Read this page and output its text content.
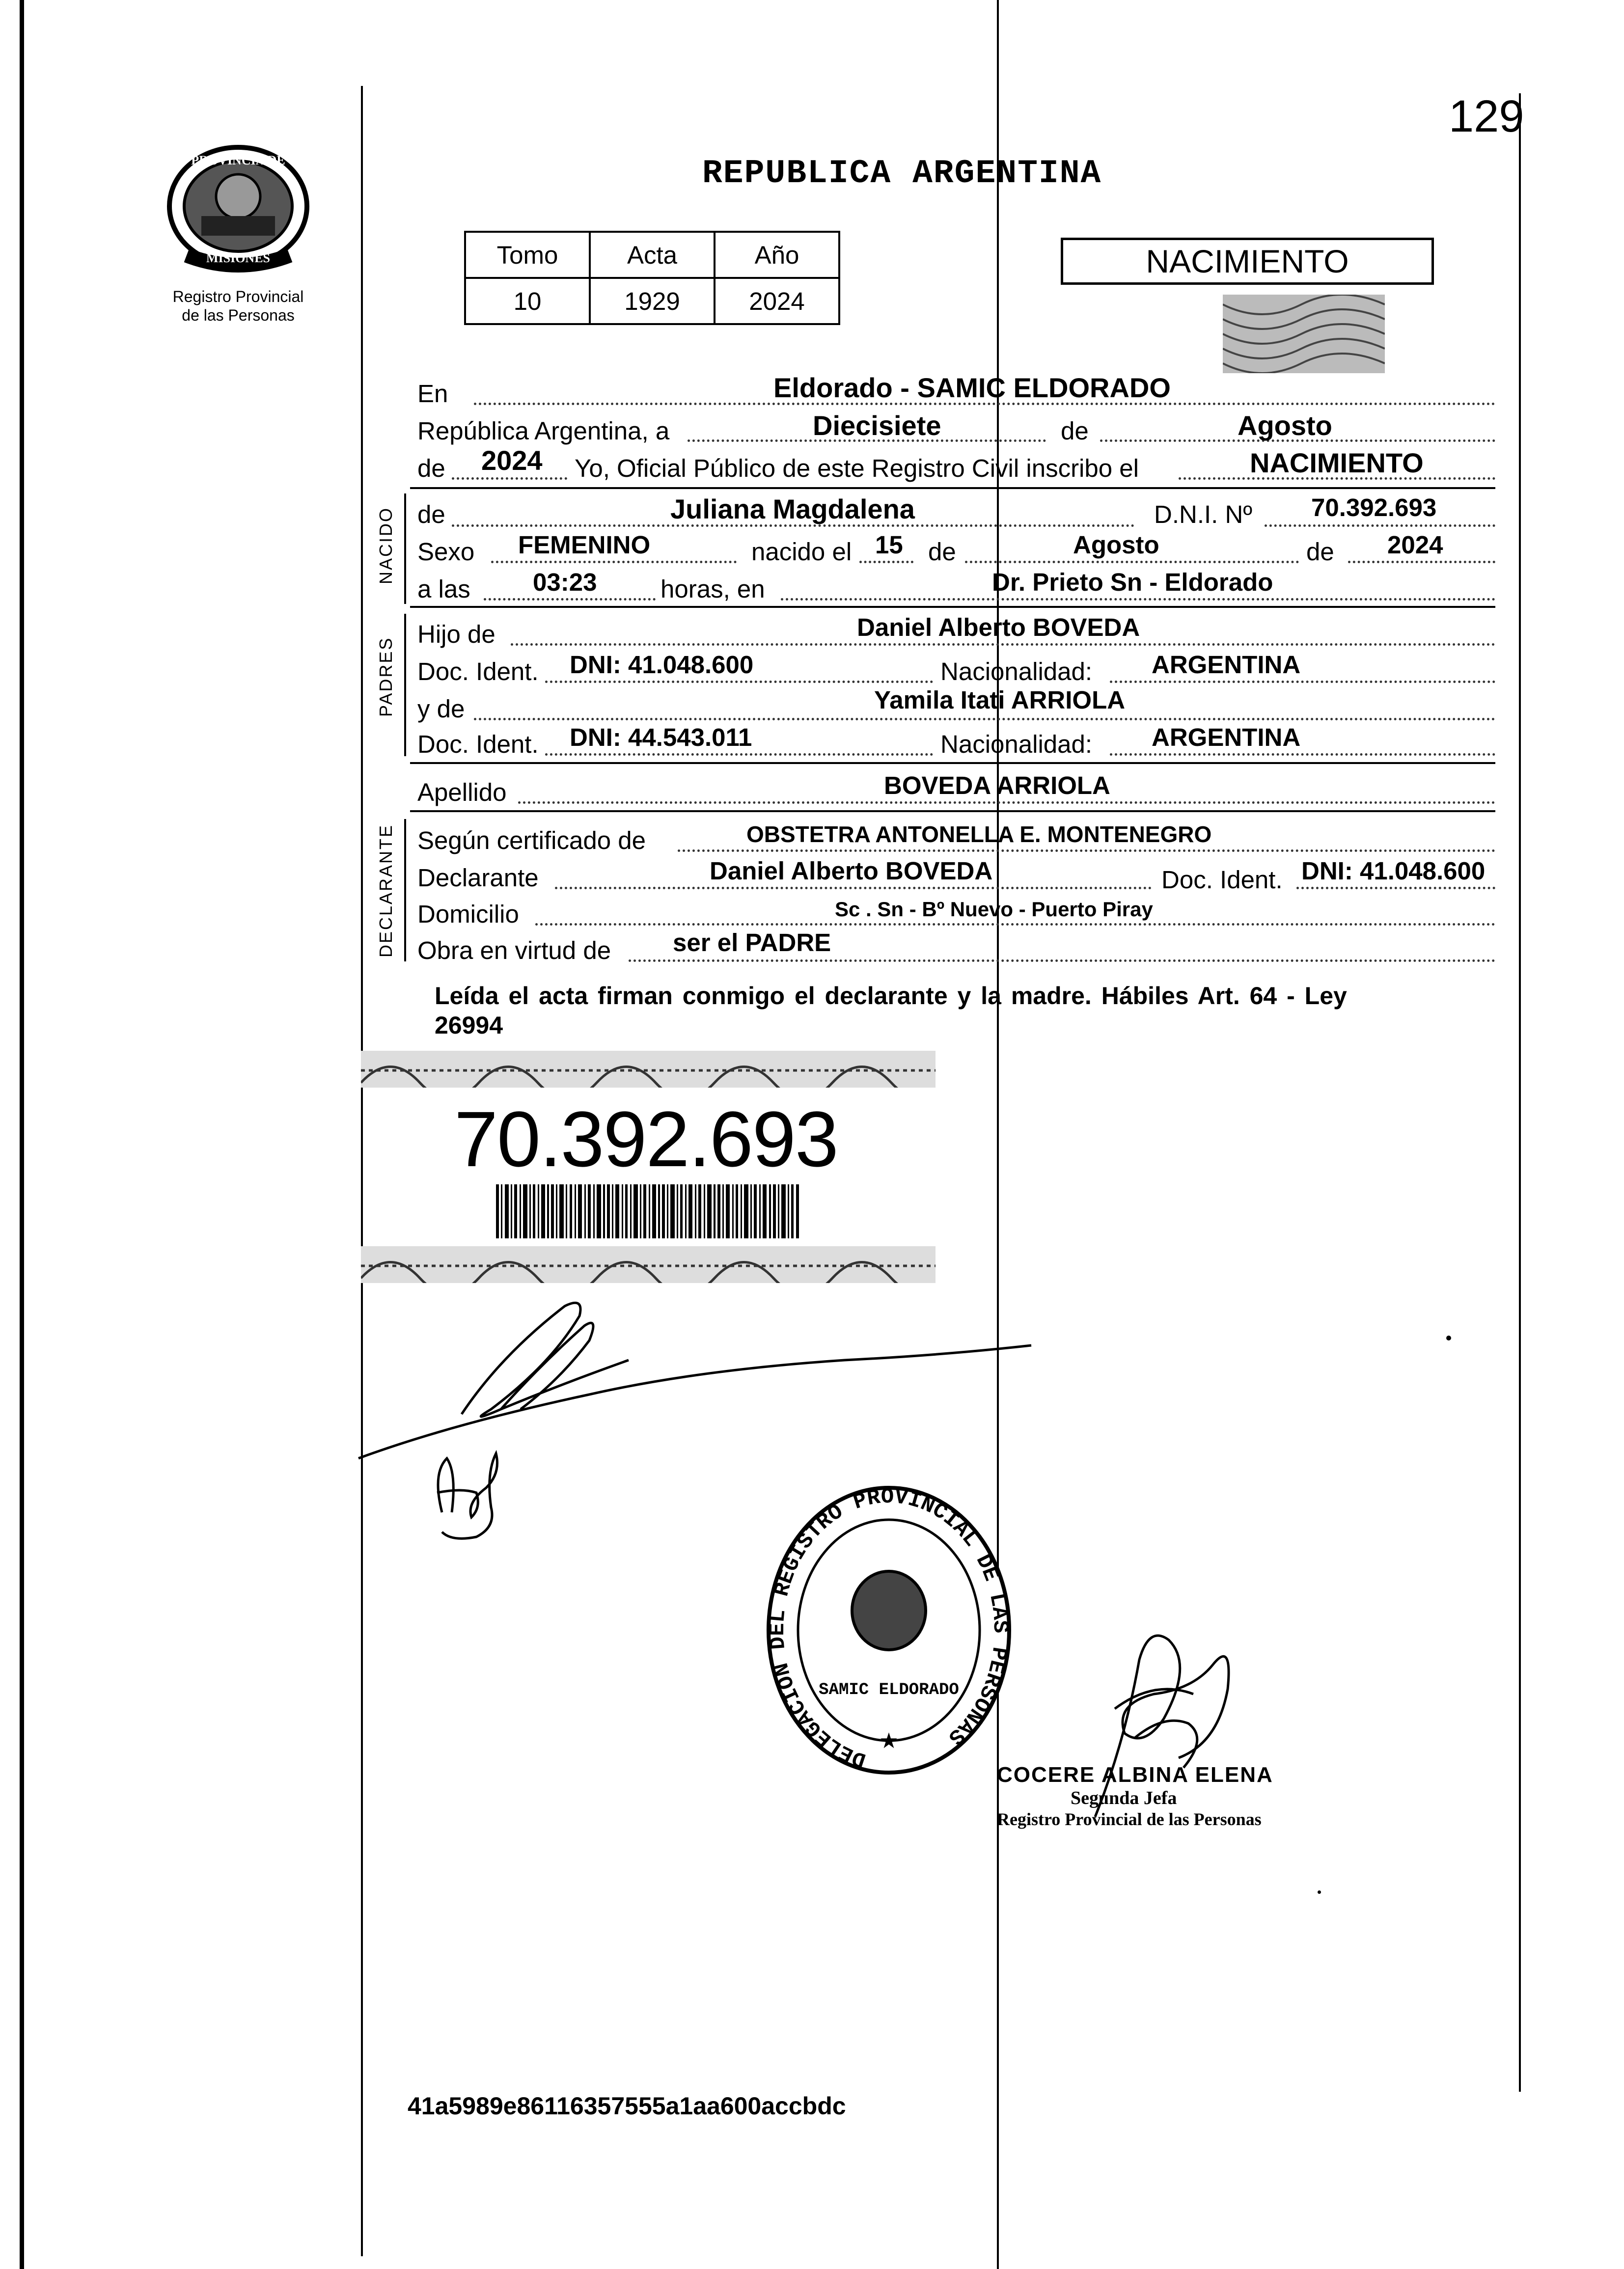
PROVINCIA DE
MISIONES
Registro Provincial
de las Personas
129
REPUBLICA ARGENTINA
Tomo	Acta	Año
10	1929	2024
NACIMIENTO
En	Eldorado - SAMIC ELDORADO
República Argentina, a	Diecisiete	de	Agosto
de 2024 Yo, Oficial Público de este Registro Civil inscribo el	NACIMIENTO
NACIDO de	Juliana Magdalena	D.N.I. Nº 70.392.693
Sexo FEMENINO	nacido el 15 de	Agosto	de 2024
a las 03:23	horas, en	Dr. Prieto Sn - Eldorado
PADRES
Hijo de	Daniel Alberto BOVEDA
Doc. Ident. DNI: 41.048.600	Nacionalidad: ARGENTINA
y de	Yamila Itati ARRIOLA
Doc. Ident. DNI: 44.543.011	Nacionalidad: ARGENTINA
Apellido	BOVEDA ARRIOLA
DECLARANTE Según certificado de	OBSTETRA ANTONELLA E. MONTENEGRO
Declarante	Daniel Alberto BOVEDA	Doc. Ident. DNI: 41.048.600
Domicilio	Sc . Sn - Bº Nuevo - Puerto Piray
Obra en virtud de ser el PADRE
Leída el acta firman conmigo el declarante y la madre. Hábiles Art. 64 - Ley
26994
70.392.693
DELEGACION DEL REGISTRO PROVINCIAL DE LAS PERSONAS
SAMIC ELDORADO
★
COCERE ALBINA ELENA
Segunda Jefa
Registro Provincial de las Personas
41a5989e86116357555a1aa600accbdc
